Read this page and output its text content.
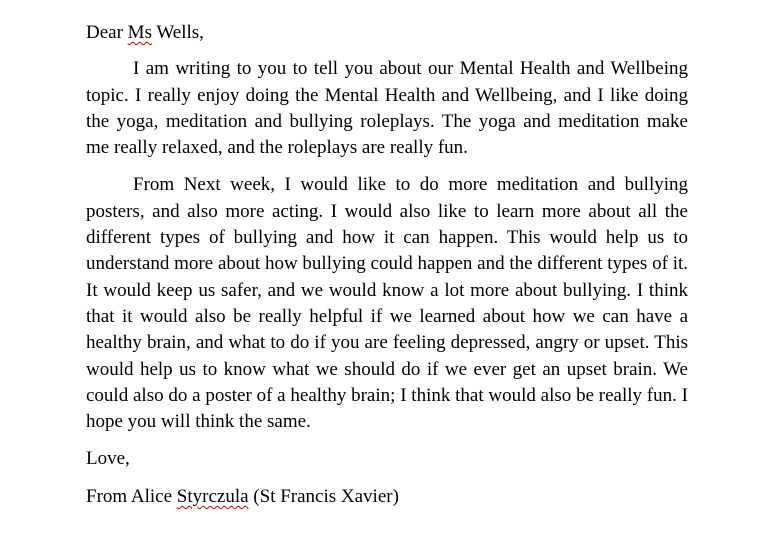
Dear Ms Wells,

I am writing to you to tell you about our Mental Health and Wellbeing topic. I really enjoy doing the Mental Health and Wellbeing, and I like doing the yoga, meditation and bullying roleplays. The yoga and meditation make me really relaxed, and the roleplays are really fun.

From Next week, I would like to do more meditation and bullying posters, and also more acting. I would also like to learn more about all the different types of bullying and how it can happen. This would help us to understand more about how bullying could happen and the different types of it. It would keep us safer, and we would know a lot more about bullying. I think that it would also be really helpful if we learned about how we can have a healthy brain, and what to do if you are feeling depressed, angry or upset. This would help us to know what we should do if we ever get an upset brain. We could also do a poster of a healthy brain; I think that would also be really fun. I hope you will think the same.

Love,

From Alice Styrczula (St Francis Xavier)
